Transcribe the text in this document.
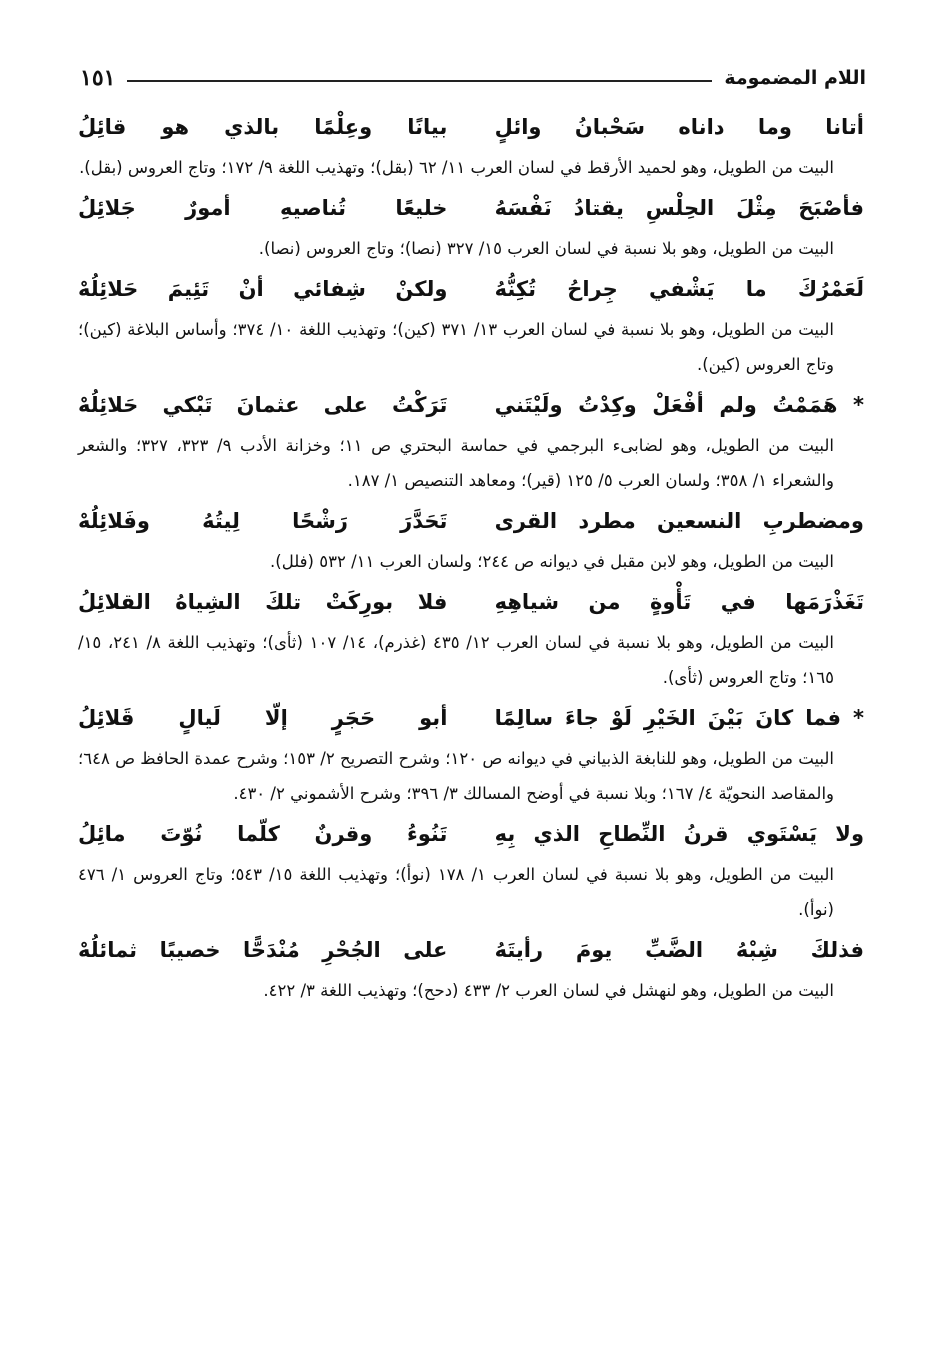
اللام المضمومة
١٥١
أتانا وما داناه سَحْبانُ وائلٍ
بيانًا وعِلْمًا بالذي هو قائِلُ

البيت من الطويل، وهو لحميد الأرقط في لسان العرب ١١/ ٦٢ (بقل)؛ وتهذيب اللغة ٩/ ١٧٢؛ وتاج العروس (بقل).

فأصْبَحَ مِثْلَ الحِلْسِ يقتادُ نَفْسَهُ
خليعًا تُناصيهِ أمورٌ جَلائِلُ

البيت من الطويل، وهو بلا نسبة في لسان العرب ١٥/ ٣٢٧ (نصا)؛ وتاج العروس (نصا).

لَعَمْرُكَ ما يَشْفي جِراحُ تُكِنُّهُ
ولكنْ شِفائي أنْ تَئِيمَ حَلائِلُهْ

البيت من الطويل، وهو بلا نسبة في لسان العرب ١٣/ ٣٧١ (كين)؛ وتهذيب اللغة ١٠/ ٣٧٤؛ وأساس البلاغة (كين)؛ وتاج العروس (كين).

* هَمَمْتُ ولم أفْعَلْ وكِدْتُ ولَيْتَني
تَرَكْتُ على عثمانَ تَبْكي حَلائِلُهْ

البيت من الطويل، وهو لضابىء البرجمي في حماسة البحتري ص ١١؛ وخزانة الأدب ٩/ ٣٢٣، ٣٢٧؛ والشعر والشعراء ١/ ٣٥٨؛ ولسان العرب ٥/ ١٢٥ (قير)؛ ومعاهد التنصيص ١/ ١٨٧.

ومضطربِ النسعين مطرد القرى
تَحَدَّرَ رَشْحًا لِيتُهُ وفَلائِلُهْ

البيت من الطويل، وهو لابن مقبل في ديوانه ص ٢٤٤؛ ولسان العرب ١١/ ٥٣٢ (فلل).

تَغَذْرَمَها في تَأْوةٍ من شياهِهِ
فلا بورِكَتْ تلكَ الشِياهُ القلائِلُ

البيت من الطويل، وهو بلا نسبة في لسان العرب ١٢/ ٤٣٥ (غذرم)، ١٤/ ١٠٧ (ثأى)؛ وتهذيب اللغة ٨/ ٢٤١، ١٥/ ١٦٥؛ وتاج العروس (ثأى).

* فما كانَ بَيْنَ الخَيْرِ لَوْ جاءَ سالِمًا
أبو حَجَرٍ إلّا لَيالٍ قَلائِلُ

البيت من الطويل، وهو للنابغة الذبياني في ديوانه ص ١٢٠؛ وشرح التصريح ٢/ ١٥٣؛ وشرح عمدة الحافظ ص ٦٤٨؛ والمقاصد النحويّة ٤/ ١٦٧؛ وبلا نسبة في أوضح المسالك ٣/ ٣٩٦؛ وشرح الأشموني ٢/ ٤٣٠.

ولا يَسْتَوي قرنُ النِّطاحِ الذي بِهِ
تَنُوءُ وقرنٌ كلّما نُوّتَ مائِلُ

البيت من الطويل، وهو بلا نسبة في لسان العرب ١/ ١٧٨ (نوأ)؛ وتهذيب اللغة ١٥/ ٥٤٣؛ وتاج العروس ١/ ٤٧٦ (نوأ).

فذلكَ شِبْهُ الضَّبِّ يومَ رأيتَهُ
على الجُحْرِ مُنْدَحًّا خصيبًا ثمائلُهْ

البيت من الطويل، وهو لنهشل في لسان العرب ٢/ ٤٣٣ (دحح)؛ وتهذيب اللغة ٣/ ٤٢٢.
